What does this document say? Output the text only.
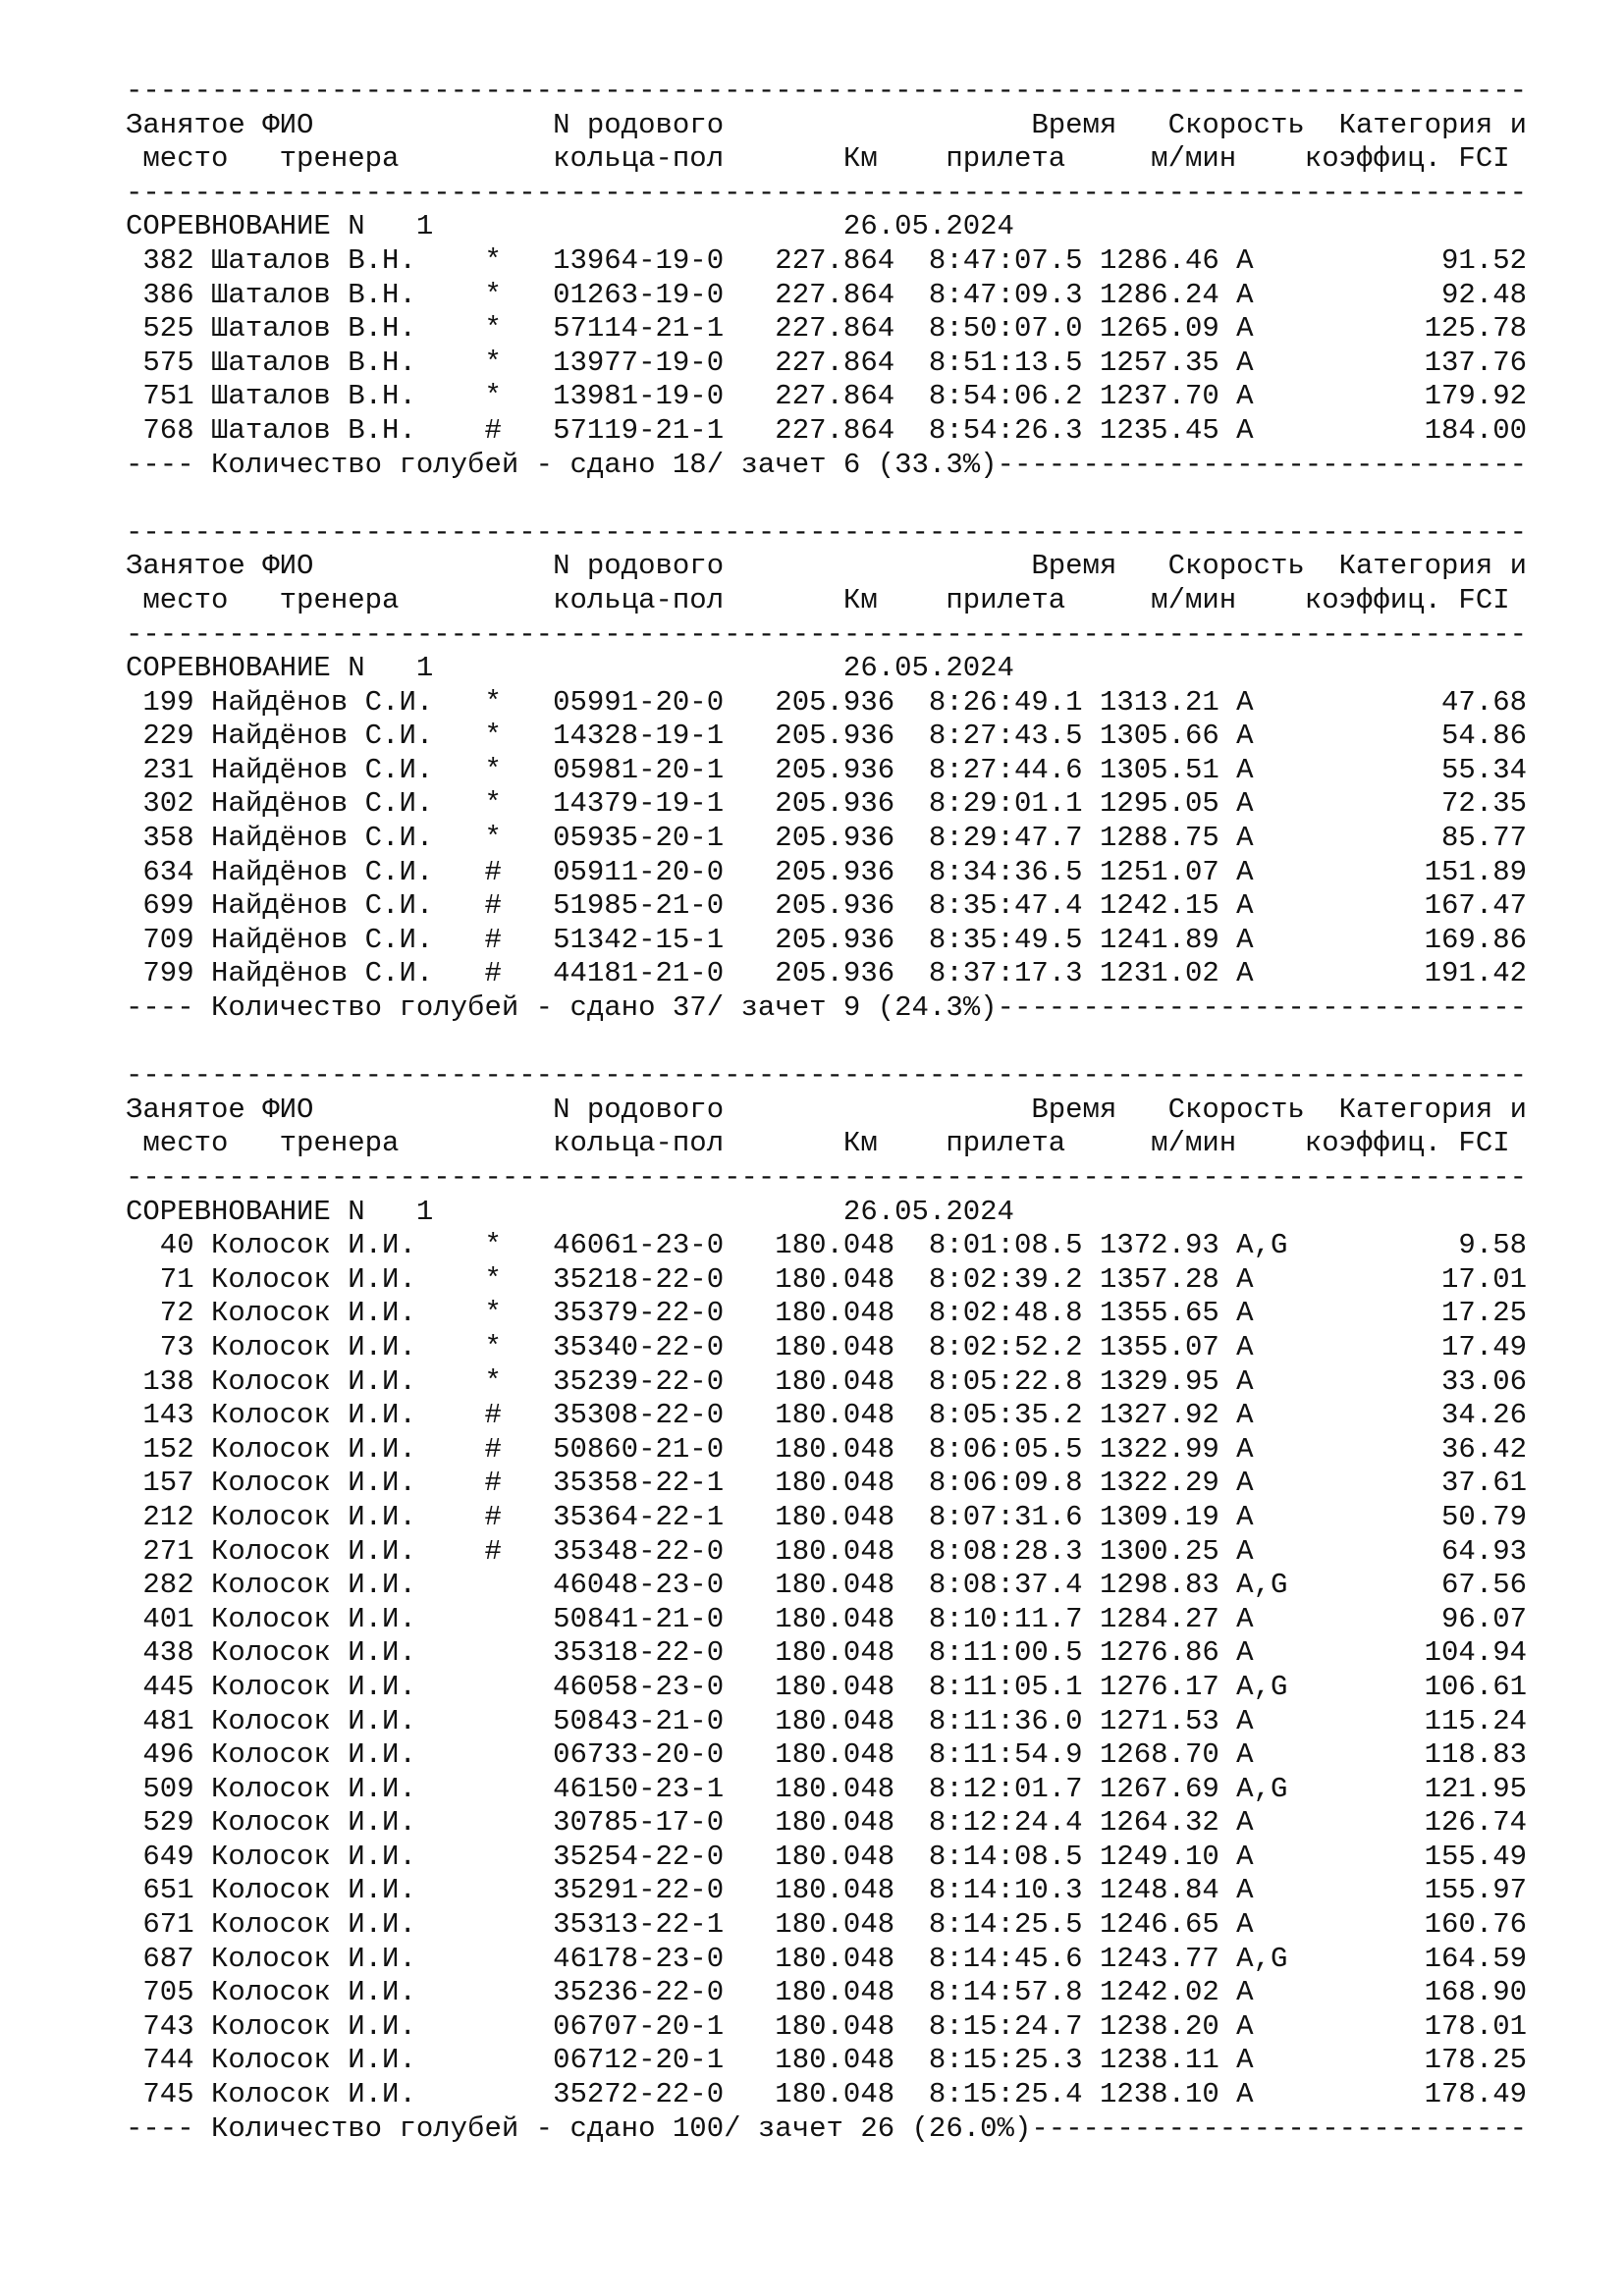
----------------------------------------------------------------------------------
Занятое ФИО              N родового                  Время   Скорость  Категория и
место   тренера         кольца-пол       Км    прилета     м/мин    коэффиц. FCI
----------------------------------------------------------------------------------
СОРЕВНОВАНИЕ N   1                        26.05.2024
382 Шаталов В.Н.    *   13964-19-0   227.864  8:47:07.5 1286.46 A           91.52
386 Шаталов В.Н.    *   01263-19-0   227.864  8:47:09.3 1286.24 A           92.48
525 Шаталов В.Н.    *   57114-21-1   227.864  8:50:07.0 1265.09 A          125.78
575 Шаталов В.Н.    *   13977-19-0   227.864  8:51:13.5 1257.35 A          137.76
751 Шаталов В.Н.    *   13981-19-0   227.864  8:54:06.2 1237.70 A          179.92
768 Шаталов В.Н.    #   57119-21-1   227.864  8:54:26.3 1235.45 A          184.00
---- Количество голубей - сдано 18/ зачет 6 (33.3%)-------------------------------
----------------------------------------------------------------------------------
Занятое ФИО              N родового                  Время   Скорость  Категория и
место   тренера         кольца-пол       Км    прилета     м/мин    коэффиц. FCI
----------------------------------------------------------------------------------
СОРЕВНОВАНИЕ N   1                        26.05.2024
199 Найдёнов С.И.   *   05991-20-0   205.936  8:26:49.1 1313.21 A           47.68
229 Найдёнов С.И.   *   14328-19-1   205.936  8:27:43.5 1305.66 A           54.86
231 Найдёнов С.И.   *   05981-20-1   205.936  8:27:44.6 1305.51 A           55.34
302 Найдёнов С.И.   *   14379-19-1   205.936  8:29:01.1 1295.05 A           72.35
358 Найдёнов С.И.   *   05935-20-1   205.936  8:29:47.7 1288.75 A           85.77
634 Найдёнов С.И.   #   05911-20-0   205.936  8:34:36.5 1251.07 A          151.89
699 Найдёнов С.И.   #   51985-21-0   205.936  8:35:47.4 1242.15 A          167.47
709 Найдёнов С.И.   #   51342-15-1   205.936  8:35:49.5 1241.89 A          169.86
799 Найдёнов С.И.   #   44181-21-0   205.936  8:37:17.3 1231.02 A          191.42
---- Количество голубей - сдано 37/ зачет 9 (24.3%)-------------------------------
----------------------------------------------------------------------------------
Занятое ФИО              N родового                  Время   Скорость  Категория и
место   тренера         кольца-пол       Км    прилета     м/мин    коэффиц. FCI
----------------------------------------------------------------------------------
СОРЕВНОВАНИЕ N   1                        26.05.2024
40 Колосок И.И.    *   46061-23-0   180.048  8:01:08.5 1372.93 A,G          9.58
71 Колосок И.И.    *   35218-22-0   180.048  8:02:39.2 1357.28 A           17.01
72 Колосок И.И.    *   35379-22-0   180.048  8:02:48.8 1355.65 A           17.25
73 Колосок И.И.    *   35340-22-0   180.048  8:02:52.2 1355.07 A           17.49
138 Колосок И.И.    *   35239-22-0   180.048  8:05:22.8 1329.95 A           33.06
143 Колосок И.И.    #   35308-22-0   180.048  8:05:35.2 1327.92 A           34.26
152 Колосок И.И.    #   50860-21-0   180.048  8:06:05.5 1322.99 A           36.42
157 Колосок И.И.    #   35358-22-1   180.048  8:06:09.8 1322.29 A           37.61
212 Колосок И.И.    #   35364-22-1   180.048  8:07:31.6 1309.19 A           50.79
271 Колосок И.И.    #   35348-22-0   180.048  8:08:28.3 1300.25 A           64.93
282 Колосок И.И.        46048-23-0   180.048  8:08:37.4 1298.83 A,G         67.56
401 Колосок И.И.        50841-21-0   180.048  8:10:11.7 1284.27 A           96.07
438 Колосок И.И.        35318-22-0   180.048  8:11:00.5 1276.86 A          104.94
445 Колосок И.И.        46058-23-0   180.048  8:11:05.1 1276.17 A,G        106.61
481 Колосок И.И.        50843-21-0   180.048  8:11:36.0 1271.53 A          115.24
496 Колосок И.И.        06733-20-0   180.048  8:11:54.9 1268.70 A          118.83
509 Колосок И.И.        46150-23-1   180.048  8:12:01.7 1267.69 A,G        121.95
529 Колосок И.И.        30785-17-0   180.048  8:12:24.4 1264.32 A          126.74
649 Колосок И.И.        35254-22-0   180.048  8:14:08.5 1249.10 A          155.49
651 Колосок И.И.        35291-22-0   180.048  8:14:10.3 1248.84 A          155.97
671 Колосок И.И.        35313-22-1   180.048  8:14:25.5 1246.65 A          160.76
687 Колосок И.И.        46178-23-0   180.048  8:14:45.6 1243.77 A,G        164.59
705 Колосок И.И.        35236-22-0   180.048  8:14:57.8 1242.02 A          168.90
743 Колосок И.И.        06707-20-1   180.048  8:15:24.7 1238.20 A          178.01
744 Колосок И.И.        06712-20-1   180.048  8:15:25.3 1238.11 A          178.25
745 Колосок И.И.        35272-22-0   180.048  8:15:25.4 1238.10 A          178.49
---- Количество голубей - сдано 100/ зачет 26 (26.0%)-----------------------------
